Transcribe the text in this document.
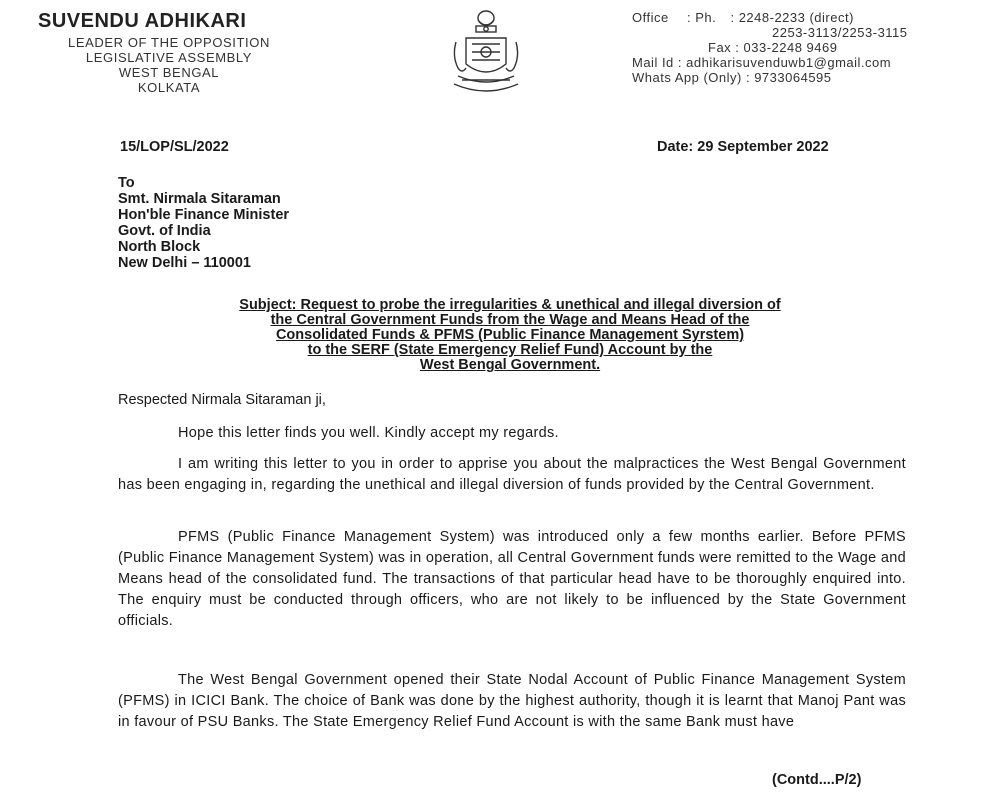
SUVENDU ADHIKARI
LEADER OF THE OPPOSITION
LEGISLATIVE ASSEMBLY
WEST BENGAL
KOLKATA
Office : Ph. : 2248-2233 (direct)
2253-3113/2253-3115
Fax : 033-2248 9469
Mail Id : adhikarisuvenduwb1@gmail.com
Whats App (Only) : 9733064595
15/LOP/SL/2022	Date: 29 September 2022
To
Smt. Nirmala Sitaraman
Hon'ble Finance Minister
Govt. of India
North Block
New Delhi – 110001
Subject: Request to probe the irregularities & unethical and illegal diversion of
the Central Government Funds from the Wage and Means Head of the
Consolidated Funds & PFMS (Public Finance Management Syrstem)
to the SERF (State Emergency Relief Fund) Account by the
West Bengal Government.
Respected Nirmala Sitaraman ji,
Hope this letter finds you well. Kindly accept my regards.
I am writing this letter to you in order to apprise you about the malpractices the West Bengal Government has been engaging in, regarding the unethical and illegal diversion of funds provided by the Central Government.
PFMS (Public Finance Management System) was introduced only a few months earlier. Before PFMS (Public Finance Management System) was in operation, all Central Government funds were remitted to the Wage and Means head of the consolidated fund. The transactions of that particular head have to be thoroughly enquired into. The enquiry must be conducted through officers, who are not likely to be influenced by the State Government officials.
The West Bengal Government opened their State Nodal Account of Public Finance Management System (PFMS) in ICICI Bank. The choice of Bank was done by the highest authority, though it is learnt that Manoj Pant was in favour of PSU Banks. The State Emergency Relief Fund Account is with the same Bank must have
(Contd....P/2)
